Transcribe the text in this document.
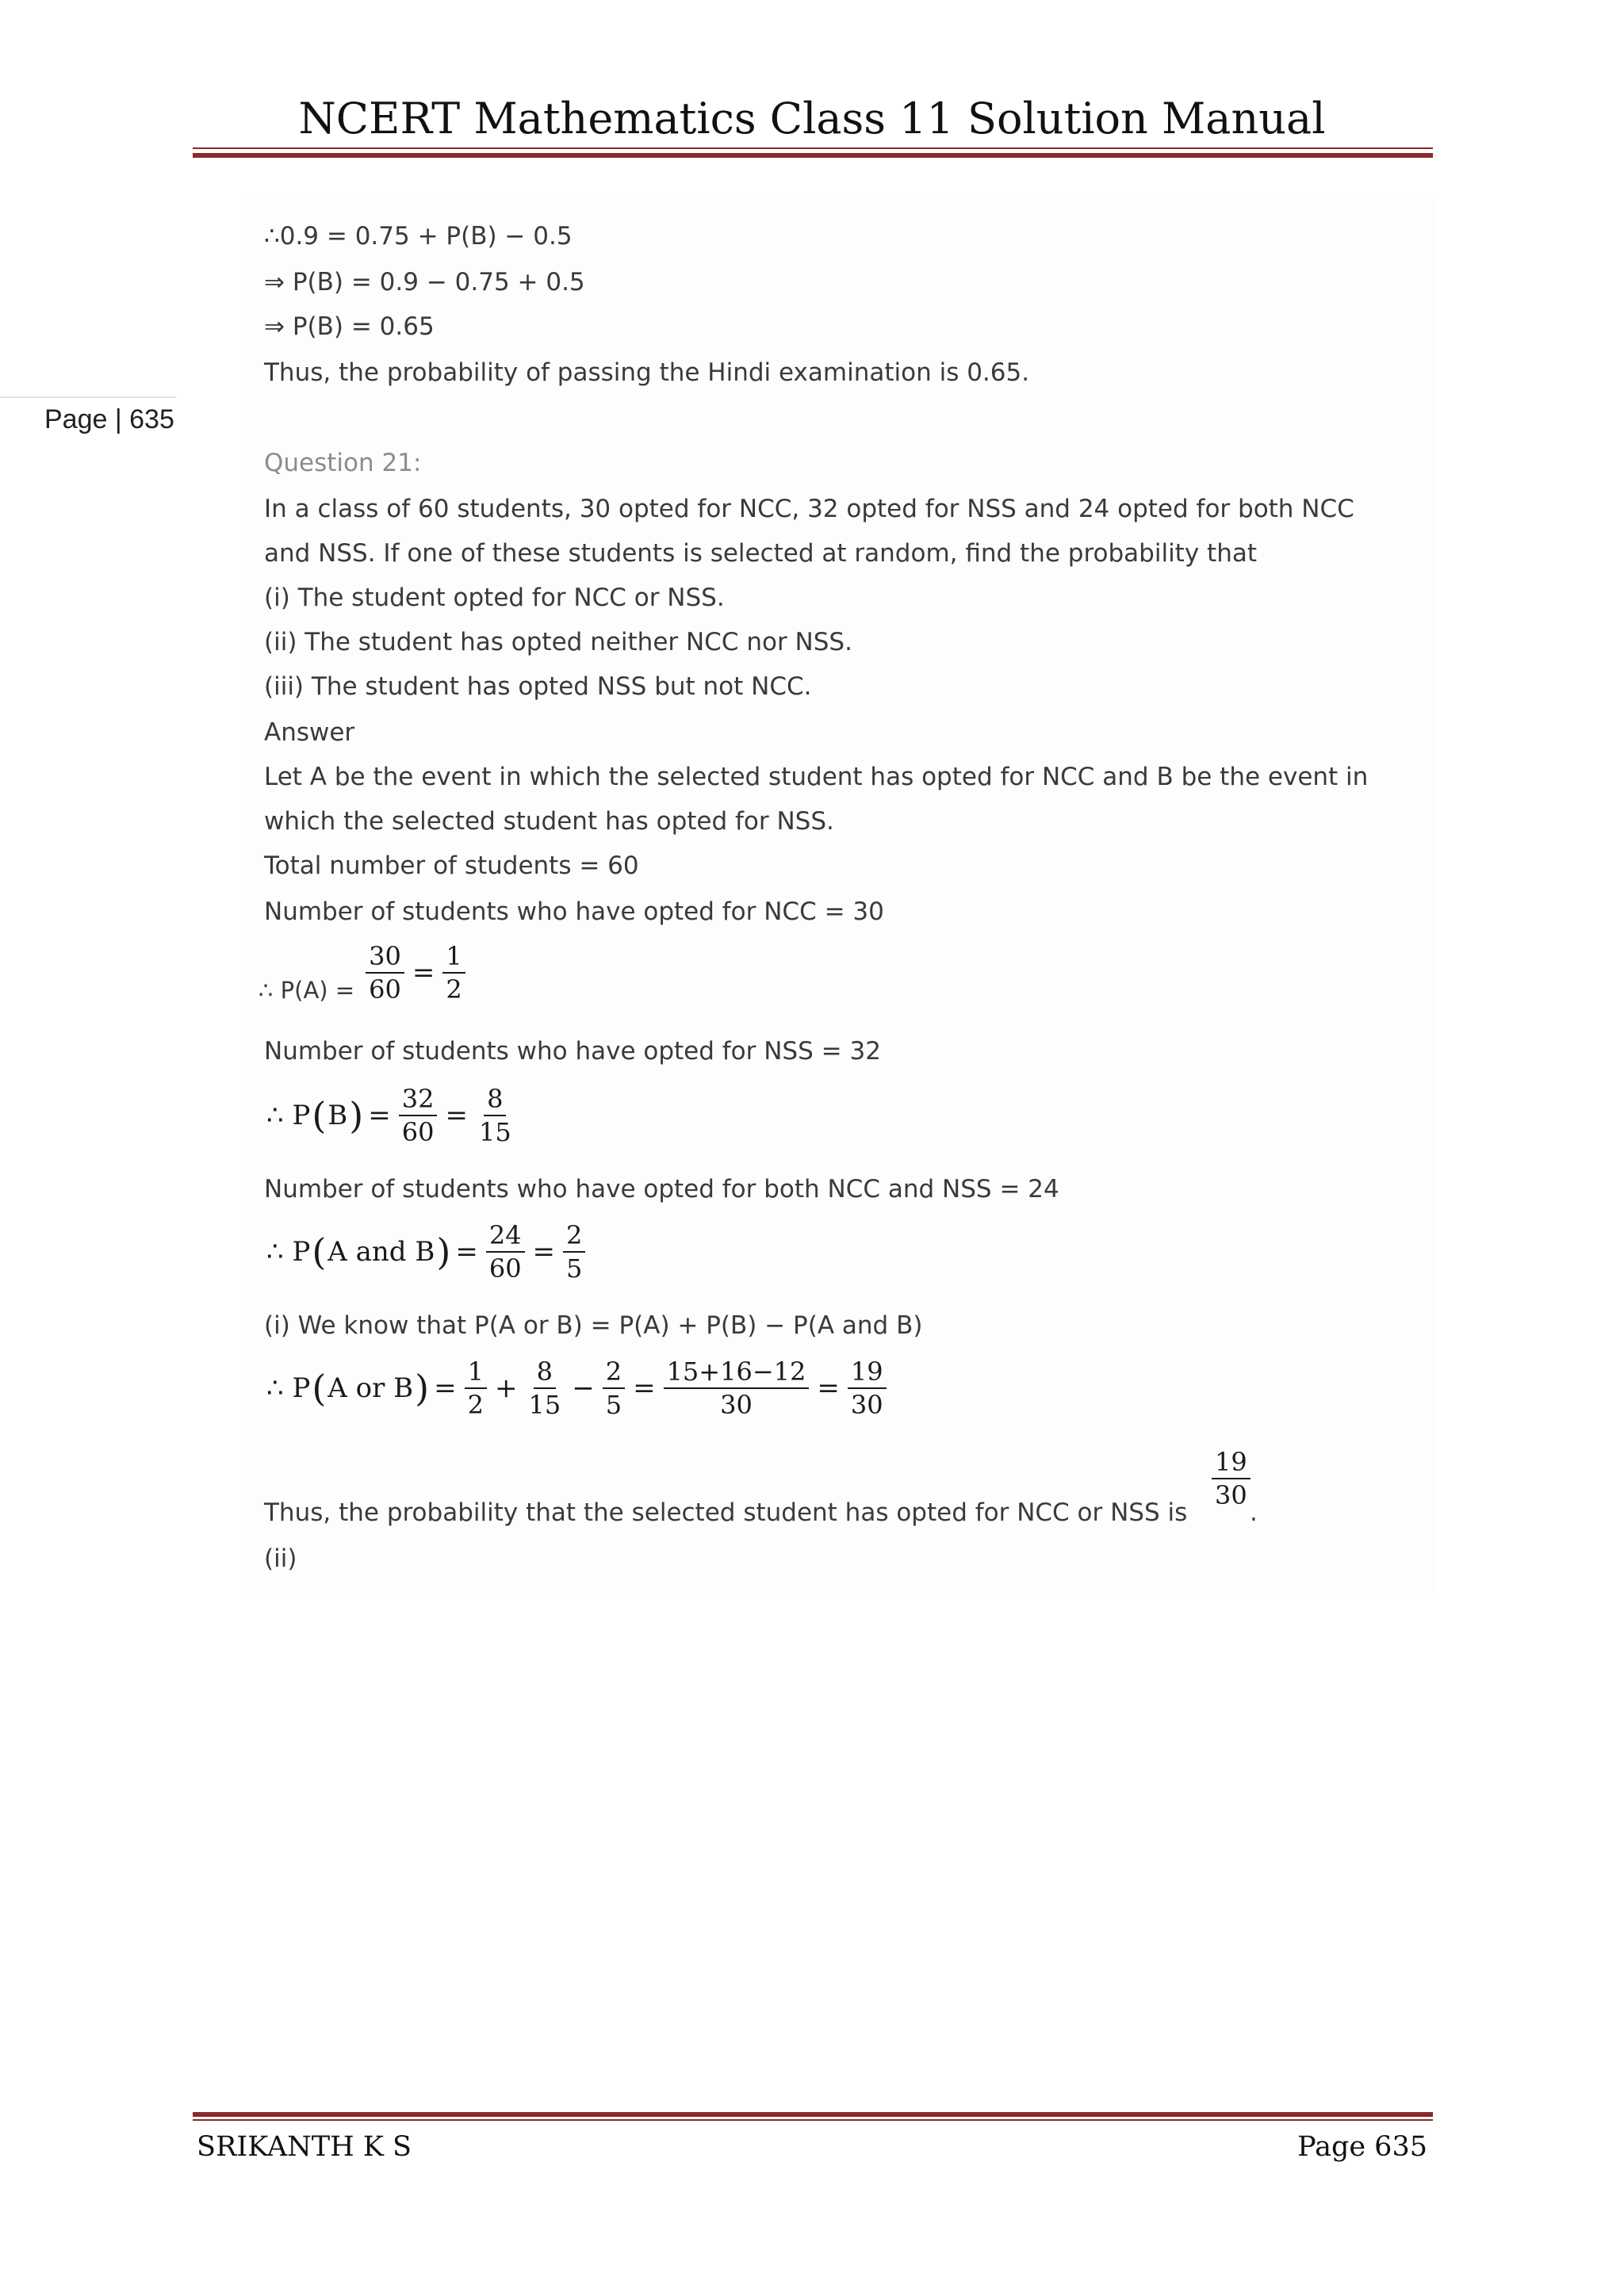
NCERT Mathematics Class 11 Solution Manual
Page | 635
∴0.9 = 0.75 + P(B) − 0.5
⇒ P(B) = 0.9 − 0.75 + 0.5
⇒ P(B) = 0.65
Thus, the probability of passing the Hindi examination is 0.65.
Question 21:
In a class of 60 students, 30 opted for NCC, 32 opted for NSS and 24 opted for both NCC
and NSS. If one of these students is selected at random, find the probability that
(i) The student opted for NCC or NSS.
(ii) The student has opted neither NCC nor NSS.
(iii) The student has opted NSS but not NCC.
Answer
Let A be the event in which the selected student has opted for NCC and B be the event in
which the selected student has opted for NSS.
Total number of students = 60
Number of students who have opted for NCC = 30
∴ $P(A) = \frac{30}{60} = \frac{1}{2}$
Number of students who have opted for NSS = 32
∴ P ( B ) = $\frac{32}{60} = \frac{8}{15}$
Number of students who have opted for both NCC and NSS = 24
∴ P ( A and B ) = $\frac{24}{60} = \frac{2}{5}$
(i) We know that P(A or B) = P(A) + P(B) − P(A and B)
∴ P ( A or B ) = $\frac{1}{2} + \frac{8}{15} - \frac{2}{5} = \frac{15+16-12}{30} = \frac{19}{30}$
Thus, the probability that the selected student has opted for NCC or NSS is
$\frac{19}{30}$
.
(ii)
SRIKANTH K S	Page 635
